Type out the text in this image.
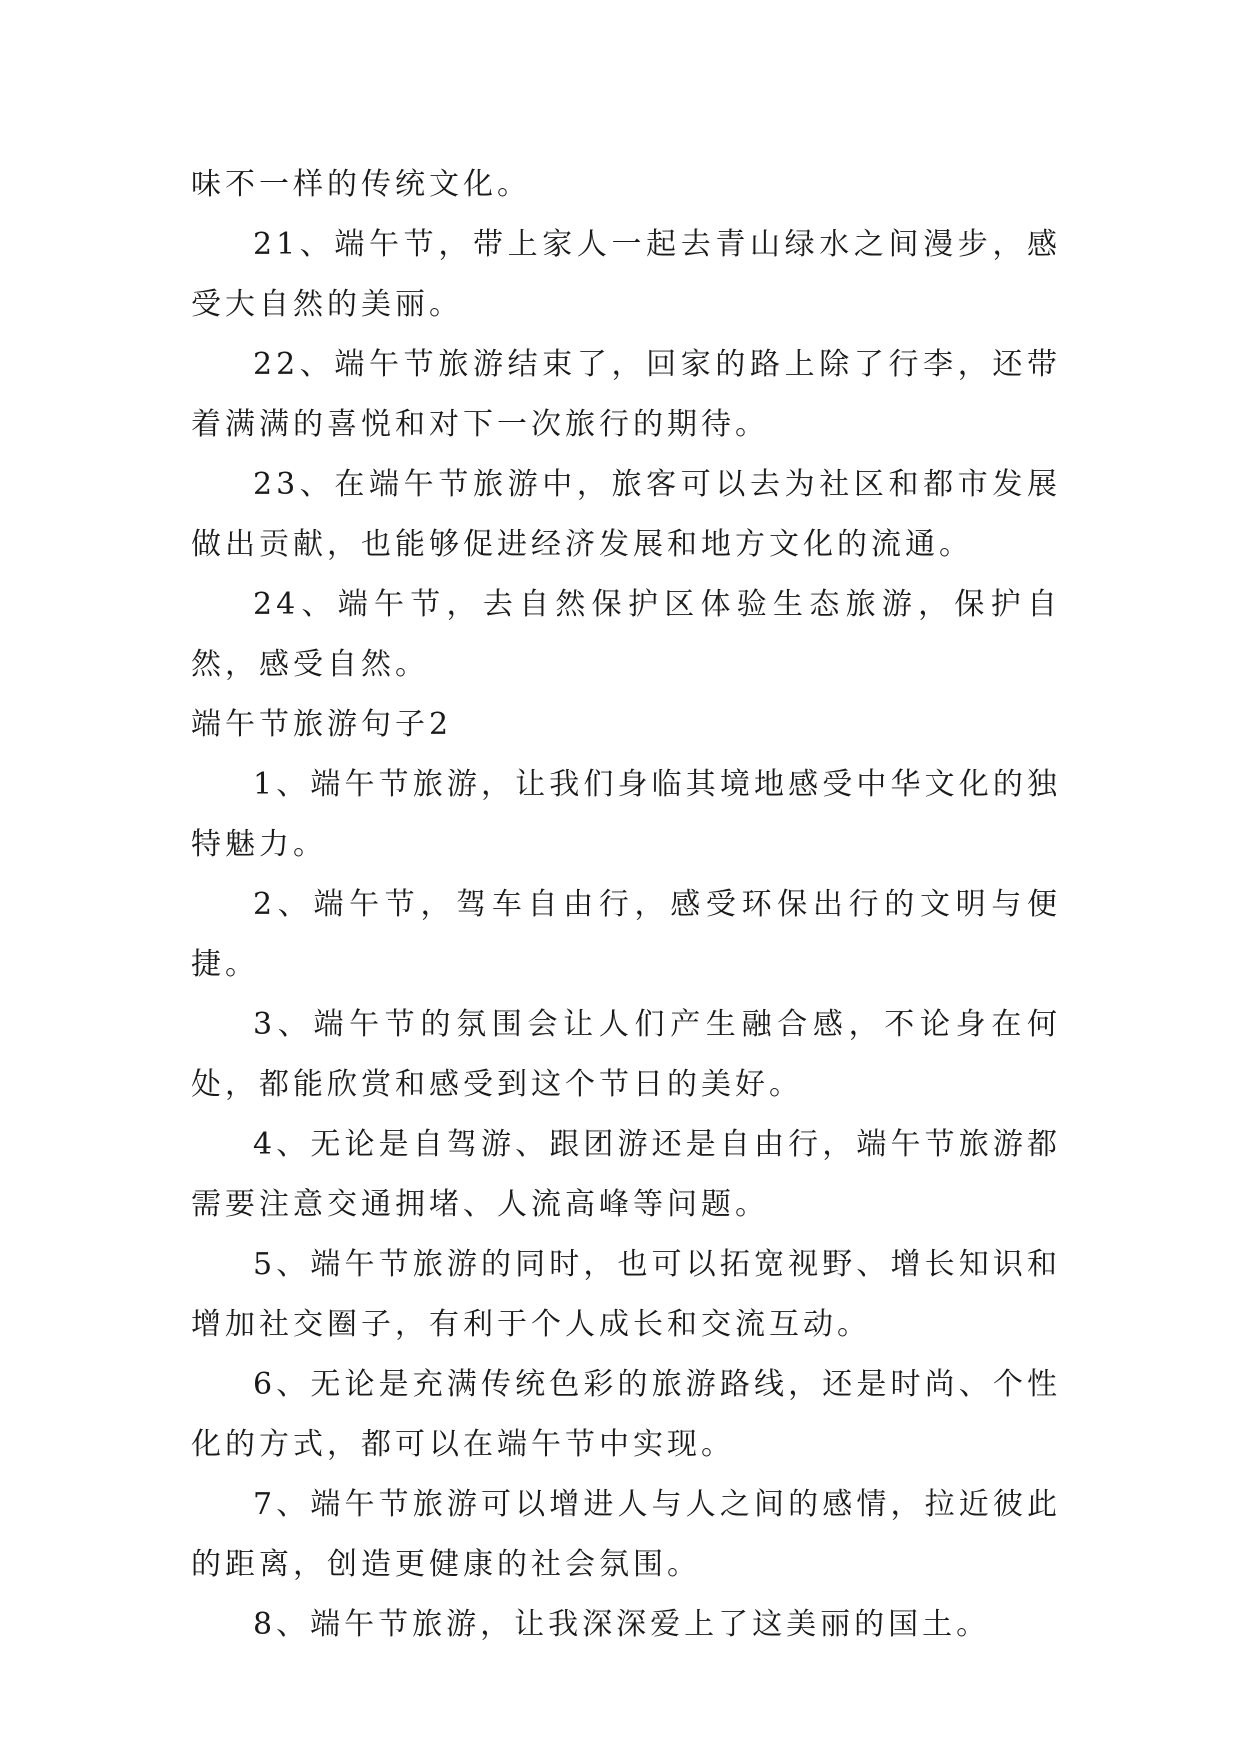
味不一样的传统文化。

21、端午节，带上家人一起去青山绿水之间漫步，感受大自然的美丽。

22、端午节旅游结束了，回家的路上除了行李，还带着满满的喜悦和对下一次旅行的期待。

23、在端午节旅游中，旅客可以去为社区和都市发展做出贡献，也能够促进经济发展和地方文化的流通。

24、端午节，去自然保护区体验生态旅游，保护自然，感受自然。

端午节旅游句子2

1、端午节旅游，让我们身临其境地感受中华文化的独特魅力。

2、端午节，驾车自由行，感受环保出行的文明与便捷。

3、端午节的氛围会让人们产生融合感，不论身在何处，都能欣赏和感受到这个节日的美好。

4、无论是自驾游、跟团游还是自由行，端午节旅游都需要注意交通拥堵、人流高峰等问题。

5、端午节旅游的同时，也可以拓宽视野、增长知识和增加社交圈子，有利于个人成长和交流互动。

6、无论是充满传统色彩的旅游路线，还是时尚、个性化的方式，都可以在端午节中实现。

7、端午节旅游可以增进人与人之间的感情，拉近彼此的距离，创造更健康的社会氛围。

8、端午节旅游，让我深深爱上了这美丽的国土。
